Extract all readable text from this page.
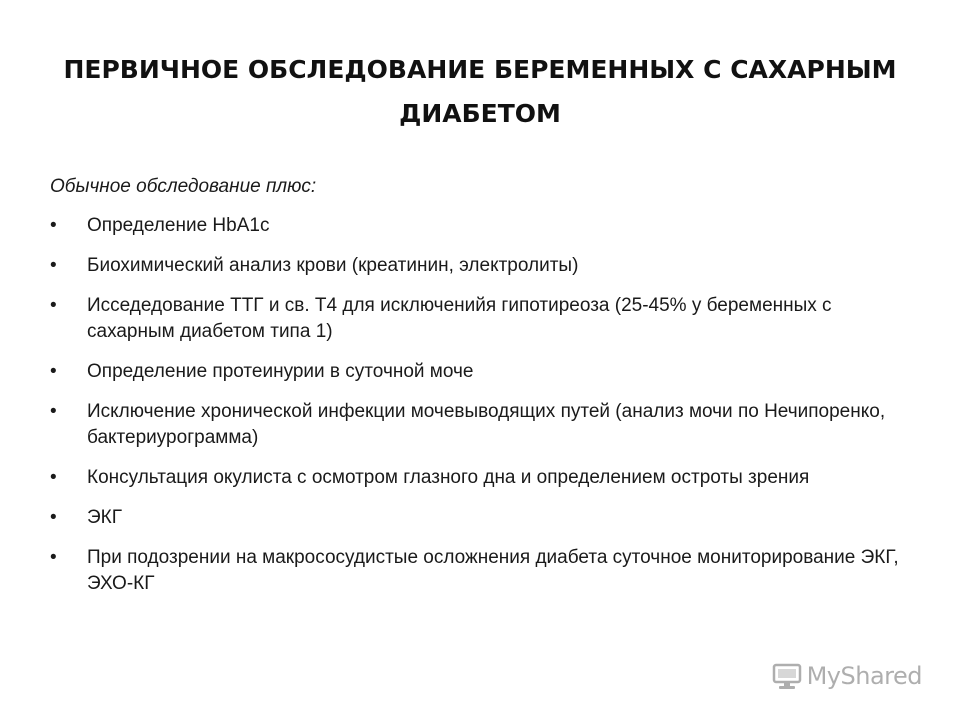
ПЕРВИЧНОЕ ОБСЛЕДОВАНИЕ БЕРЕМЕННЫХ С САХАРНЫМ ДИАБЕТОМ

Обычное обследование плюс:

•	Определение HbA1c
•	Биохимический анализ крови (креатинин, электролиты)
•	Исседедование ТТГ и св. Т4 для исключенийя гипотиреоза (25-45% у беременных с сахарным диабетом типа 1)
•	Определение протеинурии в суточной моче
•	Исключение хронической инфекции мочевыводящих путей (анализ мочи по Нечипоренко, бактериурограмма)
•	Консультация окулиста с осмотром глазного дна и определением остроты зрения
•	ЭКГ
•	При подозрении на макрососудистые осложнения диабета суточное мониторирование ЭКГ, ЭХО-КГ
MyShared
